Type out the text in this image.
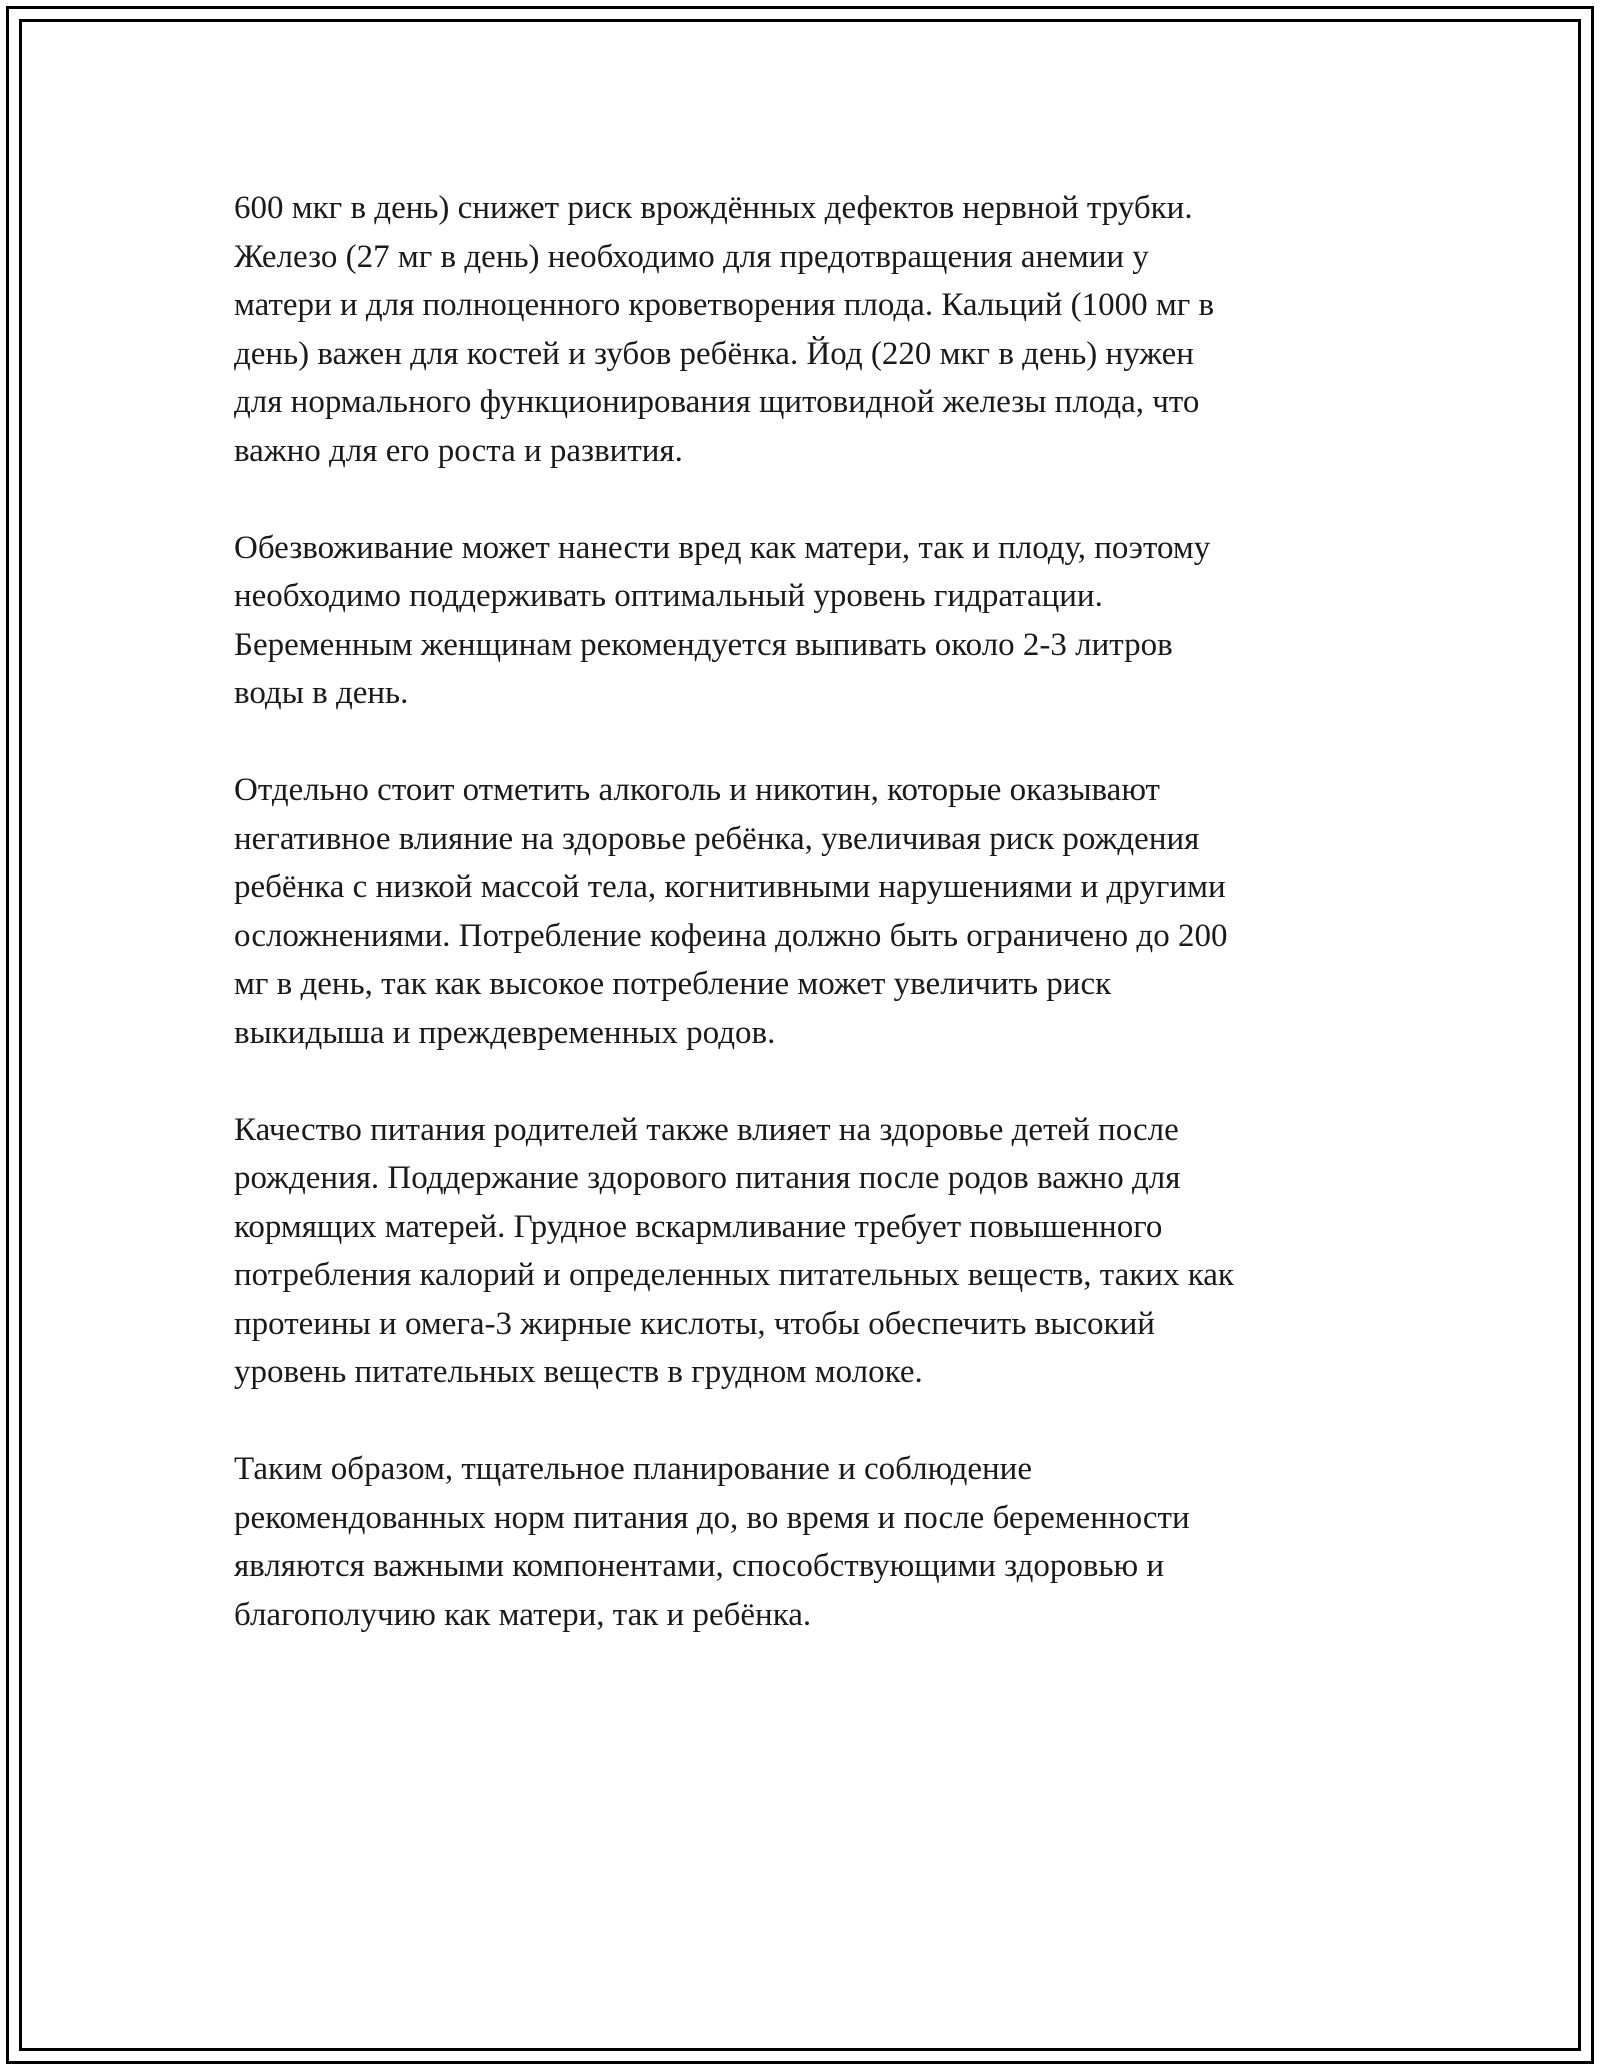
600 мкг в день) снижет риск врождённых дефектов нервной трубки.
Железо (27 мг в день) необходимо для предотвращения анемии у
матери и для полноценного кроветворения плода. Кальций (1000 мг в
день) важен для костей и зубов ребёнка. Йод (220 мкг в день) нужен
для нормального функционирования щитовидной железы плода, что
важно для его роста и развития.
Обезвоживание может нанести вред как матери, так и плоду, поэтому
необходимо поддерживать оптимальный уровень гидратации.
Беременным женщинам рекомендуется выпивать около 2-3 литров
воды в день.
Отдельно стоит отметить алкоголь и никотин, которые оказывают
негативное влияние на здоровье ребёнка, увеличивая риск рождения
ребёнка с низкой массой тела, когнитивными нарушениями и другими
осложнениями. Потребление кофеина должно быть ограничено до 200
мг в день, так как высокое потребление может увеличить риск
выкидыша и преждевременных родов.
Качество питания родителей также влияет на здоровье детей после
рождения. Поддержание здорового питания после родов важно для
кормящих матерей. Грудное вскармливание требует повышенного
потребления калорий и определенных питательных веществ, таких как
протеины и омега-3 жирные кислоты, чтобы обеспечить высокий
уровень питательных веществ в грудном молоке.
Таким образом, тщательное планирование и соблюдение
рекомендованных норм питания до, во время и после беременности
являются важными компонентами, способствующими здоровью и
благополучию как матери, так и ребёнка.
